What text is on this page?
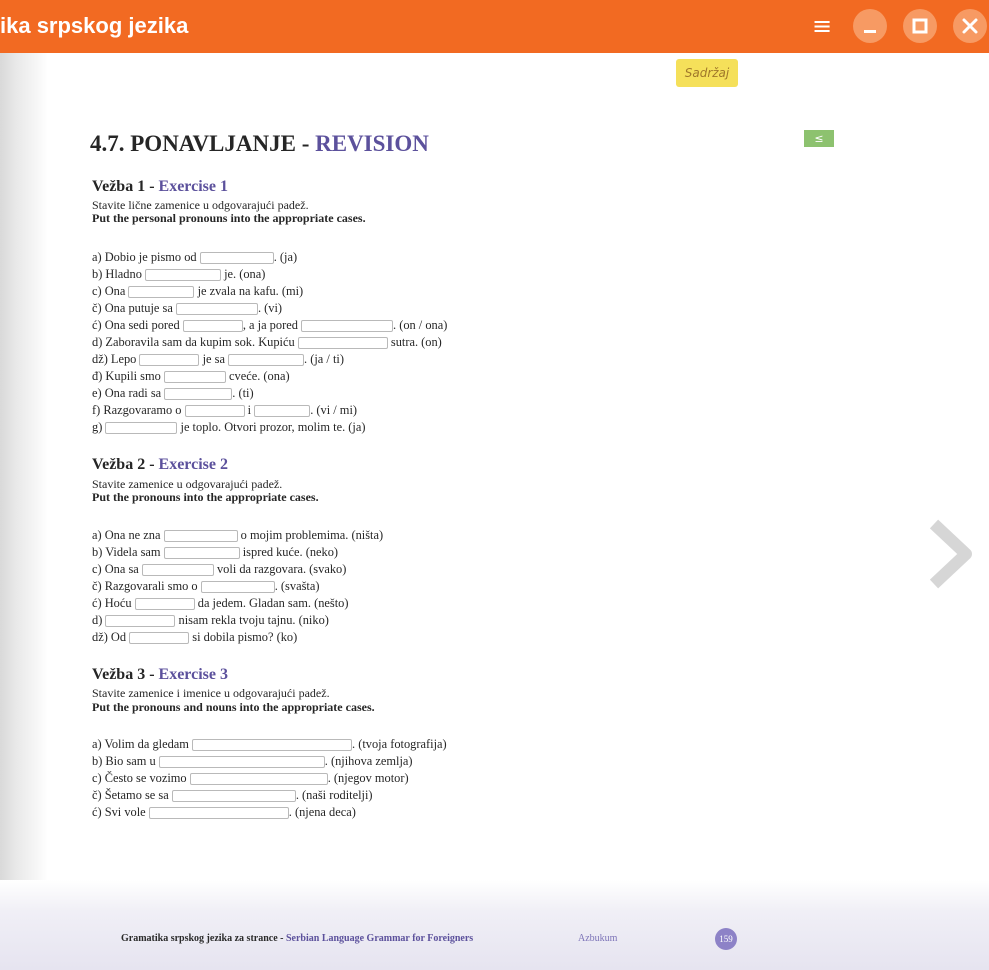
ika srpskog jezika	≡
Sadržaj
≤
4.7. PONAVLJANJE - REVISION
Vežba 1 - Exercise 1
Stavite lične zamenice u odgovarajući padež.
Put the personal pronouns into the appropriate cases.
a) Dobio je pismo od	. (ja)
b) Hladno	je. (ona)
c) Ona	je zvala na kafu. (mi)
č) Ona putuje sa	. (vi)
ć) Ona sedi pored	, a ja pored	. (on / ona)
d) Zaboravila sam da kupim sok. Kupiću	sutra. (on)
dž) Lepo	je sa	. (ja / ti)
đ) Kupili smo	cveće. (ona)
e) Ona radi sa	. (ti)
f) Razgovaramo o	i	. (vi / mi)
g)	je toplo. Otvori prozor, molim te. (ja)
Vežba 2 - Exercise 2
Stavite zamenice u odgovarajući padež.
Put the pronouns into the appropriate cases.
a) Ona ne zna	o mojim problemima. (ništa)
b) Videla sam	ispred kuće. (neko)
c) Ona sa	voli da razgovara. (svako)
č) Razgovarali smo o	. (svašta)
ć) Hoću	da jedem. Gladan sam. (nešto)
d)	nisam rekla tvoju tajnu. (niko)
dž) Od	si dobila pismo? (ko)
Vežba 3 - Exercise 3
Stavite zamenice i imenice u odgovarajući padež.
Put the pronouns and nouns into the appropriate cases.
a) Volim da gledam	. (tvoja fotografija)
b) Bio sam u	. (njihova zemlja)
c) Često se vozimo	. (njegov motor)
č) Šetamo se sa	. (naši roditelji)
ć) Svi vole	. (njena deca)
Gramatika srpskog jezika za strance - Serbian Language Grammar for Foreigners	Azbukum	159
